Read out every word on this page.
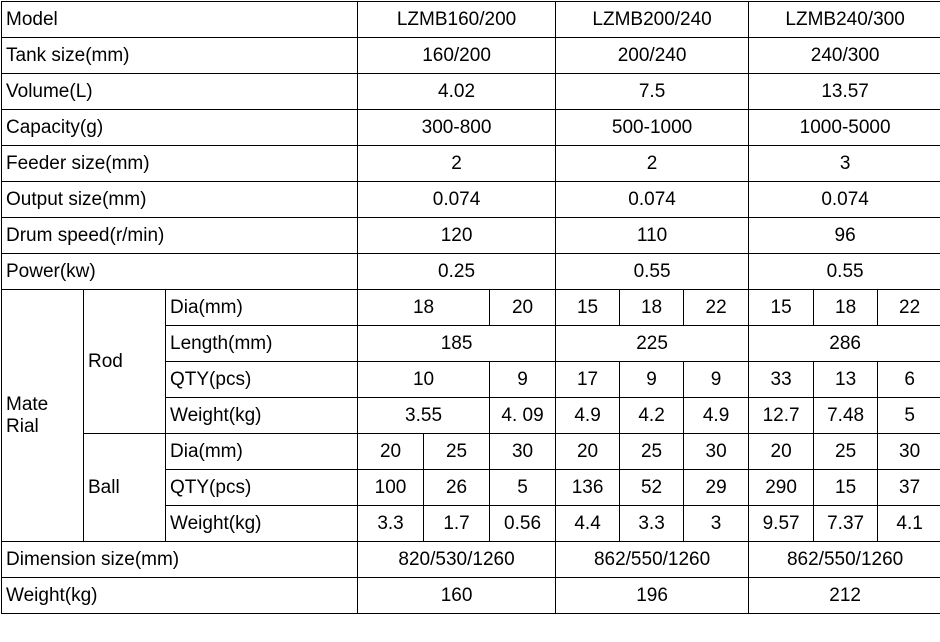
Model			LZMB160/200			LZMB200/240			LZMB240/300		
Tank size(mm)			160/200			200/240			240/300		
Volume(L)			4.02			7.5			13.57		
Capacity(g)			300-800			500-1000			1000-5000		
Feeder size(mm)			2			2			3		
Output size(mm)			0.074			0.074			0.074		
Drum speed(r/min)			120			110			96		
Power(kw)			0.25			0.55			0.55		
Mate
Rial	Rod	Dia(mm)	18		20	15	18	22	15	18	22
		Length(mm)	185			225			286		
		QTY(pcs)	10		9	17	9	9	33	13	6
		Weight(kg)	3.55		4. 09	4.9	4.2	4.9	12.7	7.48	5
	Ball	Dia(mm)	20	25	30	20	25	30	20	25	30
		QTY(pcs)	100	26	5	136	52	29	290	15	37
		Weight(kg)	3.3	1.7	0.56	4.4	3.3	3	9.57	7.37	4.1
Dimension size(mm)			820/530/1260			862/550/1260			862/550/1260		
Weight(kg)			160			196			212		
